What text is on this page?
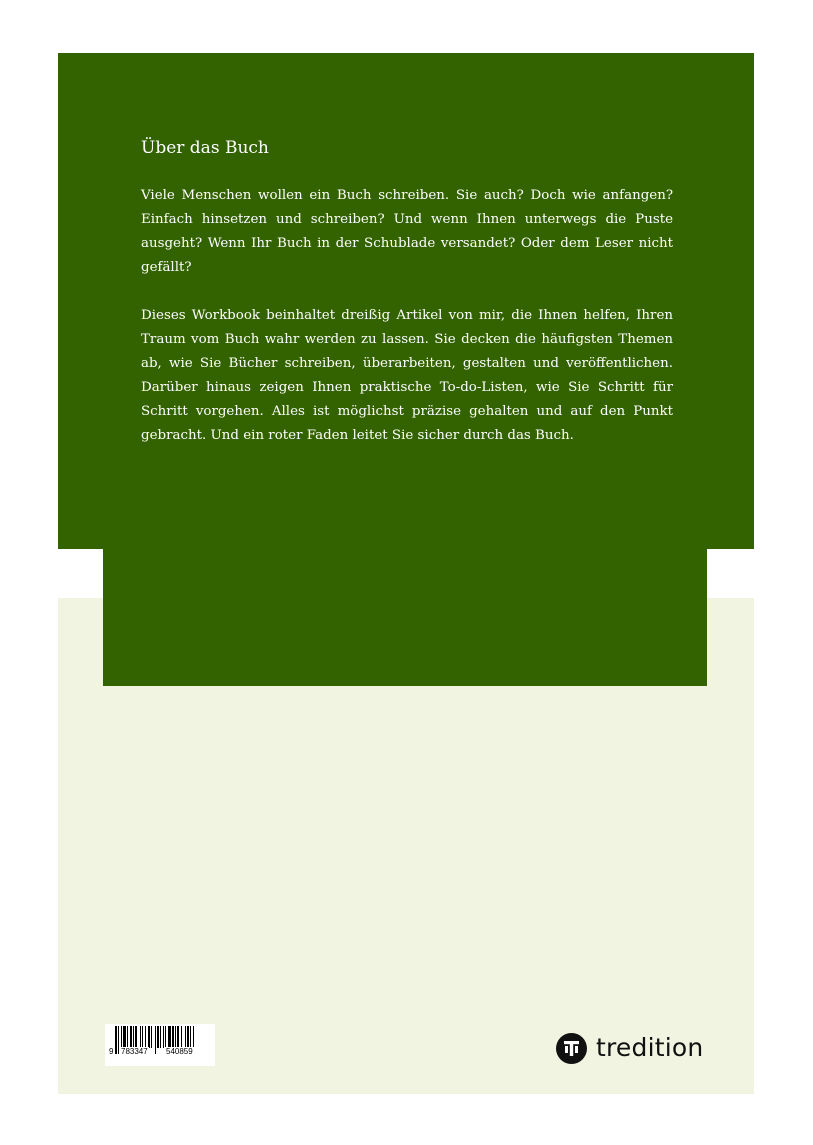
Über das Buch

Viele Menschen wollen ein Buch schreiben. Sie auch? Doch wie anfangen? Einfach hinsetzen und schreiben? Und wenn Ihnen unterwegs die Puste ausgeht? Wenn Ihr Buch in der Schublade versandet? Oder dem Leser nicht gefällt?

Dieses Workbook beinhaltet dreißig Artikel von mir, die Ihnen helfen, Ihren Traum vom Buch wahr werden zu lassen. Sie decken die häufigsten Themen ab, wie Sie Bücher schreiben, überarbeiten, gestalten und veröffentlichen. Darüber hinaus zeigen Ihnen praktische To-do-Listen, wie Sie Schritt für Schritt vorgehen. Alles ist möglichst präzise gehalten und auf den Punkt gebracht. Und ein roter Faden leitet Sie sicher durch das Buch.

9 783347 540859	tredition
